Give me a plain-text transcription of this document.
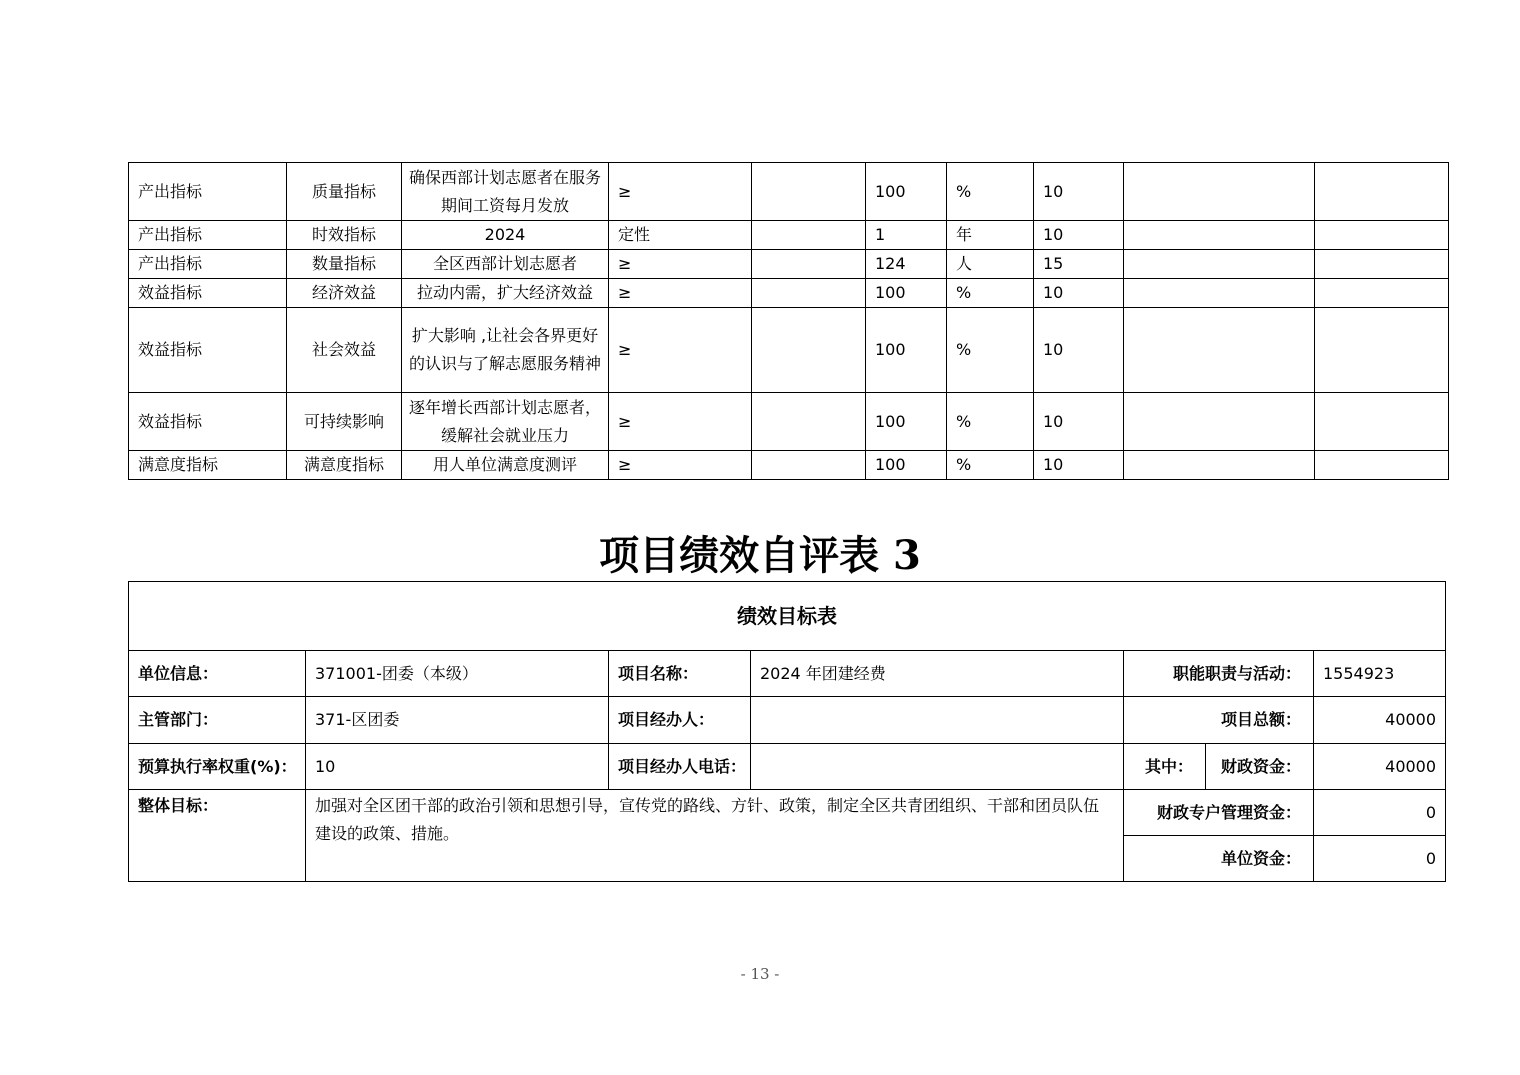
产出指标	质量指标	确保西部计划志愿者在服务期间工资每月发放	≥		100	%	10		
产出指标	时效指标	2024	定性		1	年	10		
产出指标	数量指标	全区西部计划志愿者	≥		124	人	15		
效益指标	经济效益	拉动内需，扩大经济效益	≥		100	%	10		
效益指标	社会效益	扩大影响 ,让社会各界更好的认识与了解志愿服务精神	≥		100	%	10		
效益指标	可持续影响	逐年增长西部计划志愿者，缓解社会就业压力	≥		100	%	10		
满意度指标	满意度指标	用人单位满意度测评	≥		100	%	10		
项目绩效自评表 3
绩效目标表						
单位信息：	371001-团委（本级）	项目名称：	2024 年团建经费	职能职责与活动：		1554923
主管部门：	371-区团委	项目经办人：		项目总额：		40000
预算执行率权重(%)：	10	项目经办人电话：		其中：	财政资金：	40000
整体目标：	加强对全区团干部的政治引领和思想引导，宣传党的路线、方针、政策，制定全区共青团组织、干部和团员队伍建设的政策、措施。			财政专户管理资金：		0
				单位资金：		0
- 13 -
